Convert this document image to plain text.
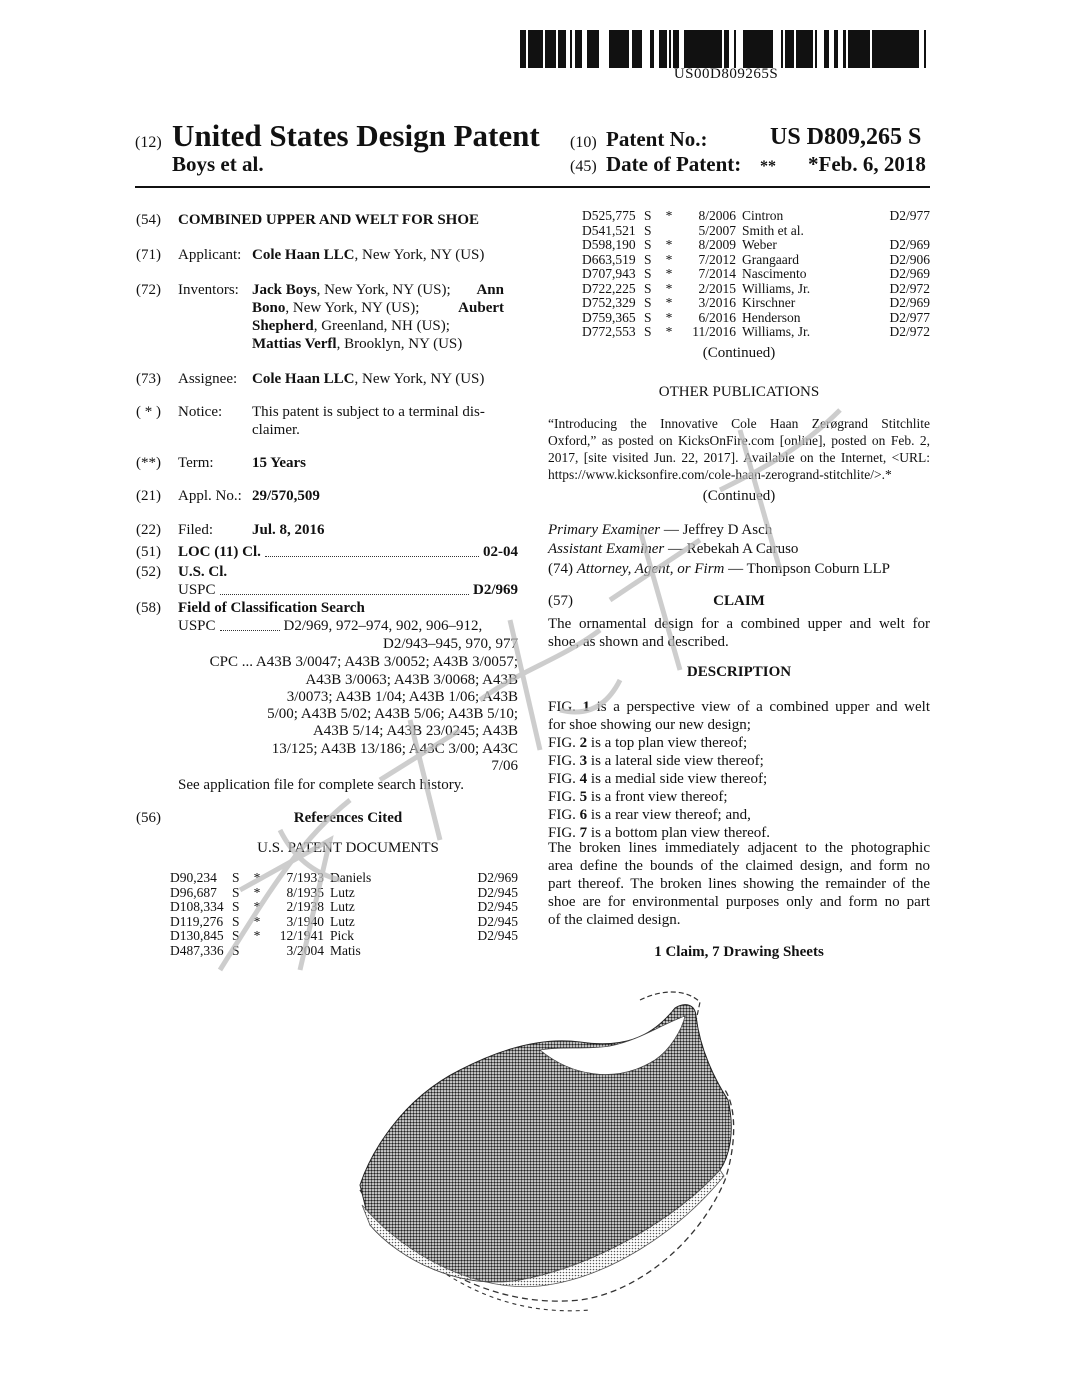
US00D809265S
(12) United States Design Patent (10) Patent No.:	US D809,265 S
Boys et al.	(45) Date of Patent: ** *Feb. 6, 2018
(54) COMBINED UPPER AND WELT FOR SHOE
(71) Applicant: Cole Haan LLC, New York, NY (US)
(72) Inventors: Jack Boys, New York, NY (US); Ann
Bono, New York, NY (US);	Aubert
Shepherd, Greenland, NH (US);
Mattias Verfl, Brooklyn, NY (US)
(73) Assignee: Cole Haan LLC, New York, NY (US)
( * ) Notice: This patent is subject to a terminal dis-
claimer.
(**) Term:	15 Years
(21) Appl. No.: 29/570,509
(22) Filed:	Jul. 8, 2016
(51) LOC (11) Cl.	02-04
(52) U.S. Cl.
USPC	D2/969
(58) Field of Classification Search
USPC	D2/969, 972–974, 902, 906–912,
D2/943–945, 970, 977
CPC ... A43B 3/0047; A43B 3/0052; A43B 3/0057;
A43B 3/0063; A43B 3/0068; A43B
3/0073; A43B 1/04; A43B 1/06; A43B
5/00; A43B 5/02; A43B 5/06; A43B 5/10;
A43B 5/14; A43B 23/0245; A43B
13/125; A43B 13/186; A43C 3/00; A43C
7/06
See application file for complete search history.
(56)	References Cited
U.S. PATENT DOCUMENTS
D90,234	S	*	7/1933 Daniels	D2/969
D96,687	S	*	8/1935 Lutz	D2/945
D108,334 S	*	2/1938 Lutz	D2/945
D119,276 S	*	3/1940 Lutz	D2/945
D130,845 S	*	12/1941 Pick	D2/945
D487,336 S	3/2004 Matis
D525,775 S	*	8/2006 Cintron	D2/977
D541,521 S	5/2007 Smith et al.
D598,190 S	*	8/2009 Weber	D2/969
D663,519 S	*	7/2012 Grangaard	D2/906
D707,943 S	*	7/2014 Nascimento	D2/969
D722,225 S	*	2/2015 Williams, Jr.	D2/972
D752,329 S	*	3/2016 Kirschner	D2/969
D759,365 S	*	6/2016 Henderson	D2/977
D772,553 S	*	11/2016 Williams, Jr.	D2/972
(Continued)
OTHER PUBLICATIONS
“Introducing the Innovative Cole Haan Zerøgrand Stitchlite
Oxford,” as posted on KicksOnFire.com [online], posted on Feb. 2,
2017, [site visited Jun. 22, 2017]. Available on the Internet, <URL:
https://www.kicksonfire.com/cole-haan-zerogrand-stitchlite/>.*
(Continued)
Primary Examiner — Jeffrey D Asch
Assistant Examiner — Rebekah A Caruso
(74) Attorney, Agent, or Firm — Thompson Coburn LLP
(57)	CLAIM
The ornamental design for a combined upper and welt for
shoe, as shown and described.
DESCRIPTION
FIG. 1 is a perspective view of a combined upper and welt
for shoe showing our new design;
FIG. 2 is a top plan view thereof;
FIG. 3 is a lateral side view thereof;
FIG. 4 is a medial side view thereof;
FIG. 5 is a front view thereof;
FIG. 6 is a rear view thereof; and,
FIG. 7 is a bottom plan view thereof.
The broken lines immediately adjacent to the photographic
area define the bounds of the claimed design, and form no
part thereof. The broken lines showing the remainder of the
shoe are for environmental purposes only and form no part
of the claimed design.
1 Claim, 7 Drawing Sheets
